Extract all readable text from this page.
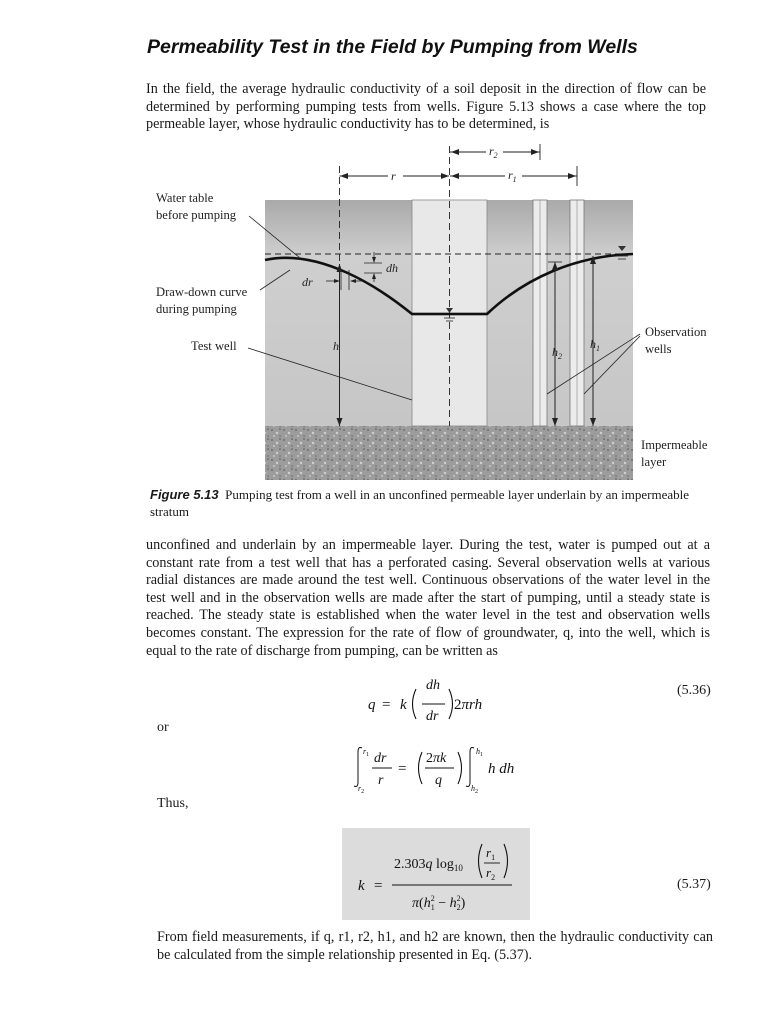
Permeability Test in the Field by Pumping from Wells

In the field, the average hydraulic conductivity of a soil deposit in the direction of flow can be determined by performing pumping tests from wells. Figure 5.13 shows a case where the top permeable layer, whose hydraulic conductivity has to be determined, is

r	$r_1$
$r_2$
h	$h_2$
$h_1$
dr
dh
Water table
before pumping
Draw-down curve
during pumping
Test well
Observation
wells
Impermeable
layer

Figure 5.13 Pumping test from a well in an unconfined permeable layer underlain by an impermeable stratum

unconfined and underlain by an impermeable layer. During the test, water is pumped out at a constant rate from a test well that has a perforated casing. Several observation wells at various radial distances are made around the test well. Continuous observations of the water level in the test well and in the observation wells are made after the start of pumping, until a steady state is reached. The steady state is established when the water level in the test and observation wells becomes constant. The expression for the rate of flow of groundwater, q, into the well, which is equal to the rate of discharge from pumping, can be written as

q = k
dh
dr
2πrh
(5.36)
or
$r_1$
$r_2$
dr
r
=
2πk
q
$h_1$
$h_2$
h dh
Thus,
k =
2.303q $\log_{10}$
$r_1$
$r_2$
$\pi(h^2$ $1 - h^2$ 2)
(5.37)

From field measurements, if q, r1, r2, h1, and h2 are known, then the hydraulic conductivity can be calculated from the simple relationship presented in Eq. (5.37).
